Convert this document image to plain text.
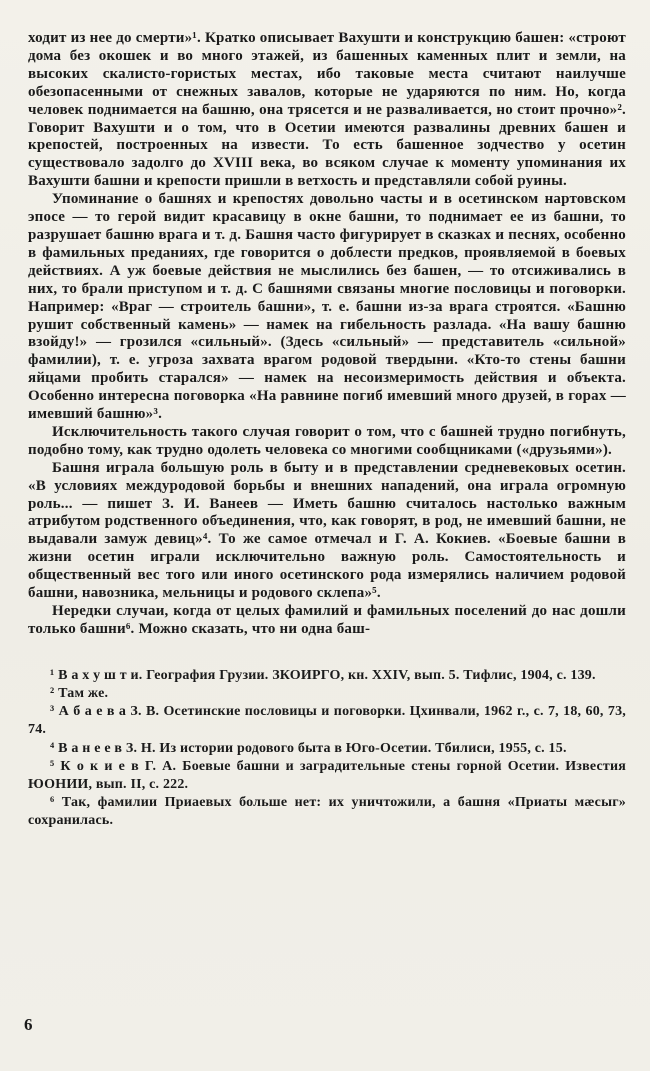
ходит из нее до смерти»¹. Кратко описывает Вахушти и конструкцию башен: «строют дома без окошек и во много этажей, из башенных каменных плит и земли, на высоких скалисто-гористых местах, ибо таковые места считают наилучше обезопасенными от снежных завалов, которые не ударяются по ним. Но, когда человек поднимается на башню, она трясется и не разваливается, но стоит прочно»². Говорит Вахушти и о том, что в Осетии имеются развалины древних башен и крепостей, построенных на извести. То есть башенное зодчество у осетин существовало задолго до XVIII века, во всяком случае к моменту упоминания их Вахушти башни и крепости пришли в ветхость и представляли собой руины.

Упоминание о башнях и крепостях довольно часты и в осетинском нартовском эпосе — то герой видит красавицу в окне башни, то поднимает ее из башни, то разрушает башню врага и т. д. Башня часто фигурирует в сказках и песнях, особенно в фамильных преданиях, где говорится о доблести предков, проявляемой в боевых действиях. А уж боевые действия не мыслились без башен, — то отсиживались в них, то брали приступом и т. д. С башнями связаны многие пословицы и поговорки. Например: «Враг — строитель башни», т. е. башни из-за врага строятся. «Башню рушит собственный камень» — намек на гибельность разлада. «На вашу башню взойду!» — грозился «сильный». (Здесь «сильный» — представитель «сильной» фамилии), т. е. угроза захвата врагом родовой твердыни. «Кто-то стены башни яйцами пробить старался» — намек на несоизмеримость действия и объекта. Особенно интересна поговорка «На равнине погиб имевший много друзей, в горах — имевший башню»³.

Исключительность такого случая говорит о том, что с башней трудно погибнуть, подобно тому, как трудно одолеть человека со многими сообщниками («друзьями»).

Башня играла большую роль в быту и в представлении средневековых осетин. «В условиях междуродовой борьбы и внешних нападений, она играла огромную роль... — пишет З. И. Ванеев — Иметь башню считалось настолько важным атрибутом родственного объединения, что, как говорят, в род, не имевший башни, не выдавали замуж девиц»⁴. То же самое отмечал и Г. А. Кокиев. «Боевые башни в жизни осетин играли исключительно важную роль. Самостоятельность и общественный вес того или иного осетинского рода измерялись наличием родовой башни, навозника, мельницы и родового склепа»⁵.

Нередки случаи, когда от целых фамилий и фамильных поселений до нас дошли только башни⁶. Можно сказать, что ни одна баш-

¹ В а х у ш т и. География Грузии. ЗКОИРГО, кн. XXIV, вып. 5. Тифлис, 1904, с. 139.

² Там же.

³ А б а е в а З. В. Осетинские пословицы и поговорки. Цхинвали, 1962 г., с. 7, 18, 60, 73, 74.

⁴ В а н е е в З. Н. Из истории родового быта в Юго-Осетии. Тбилиси, 1955, с. 15.

⁵ К о к и е в Г. А. Боевые башни и заградительные стены горной Осетии. Известия ЮОНИИ, вып. II, с. 222.

⁶ Так, фамилии Приаевых больше нет: их уничтожили, а башня «Приаты мæсыг» сохранилась.

6
